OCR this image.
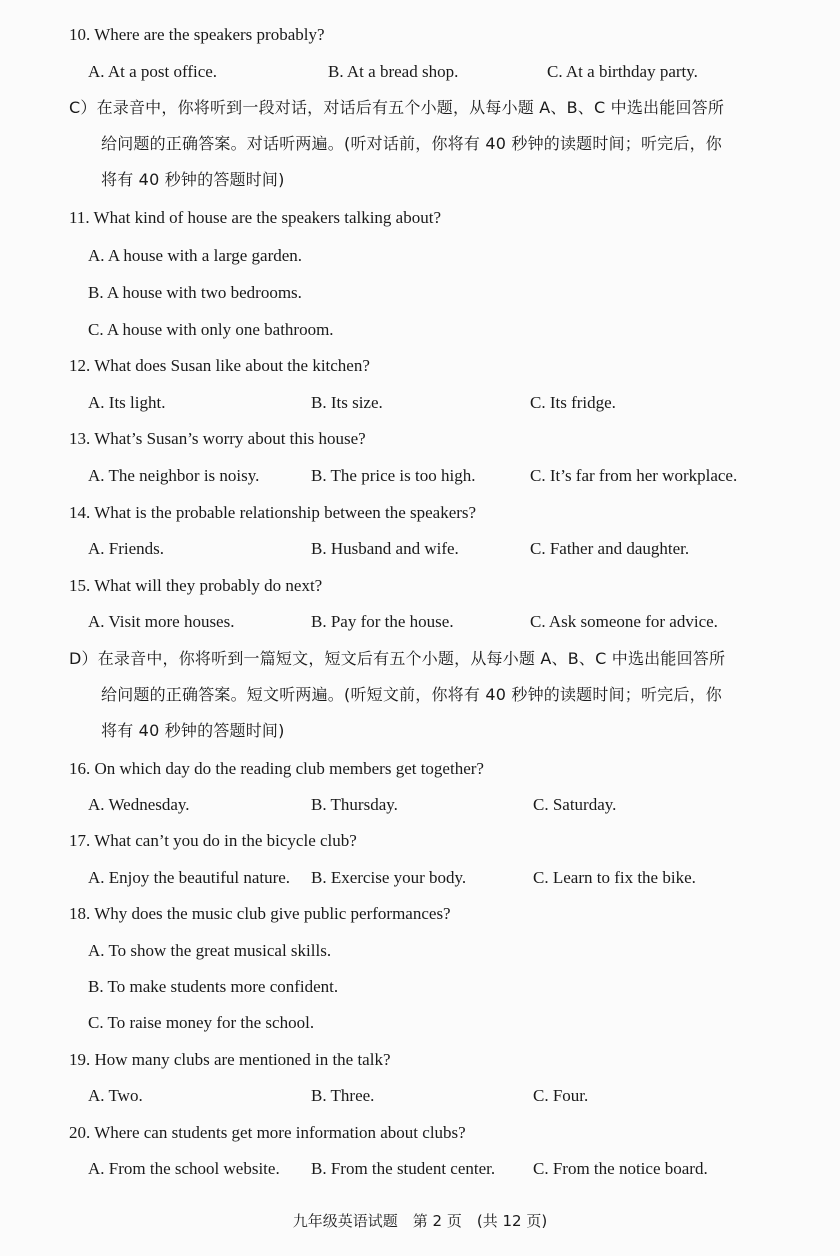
10. Where are the speakers probably?
A. At a post office.	B. At a bread shop.	C. At a birthday party.
C）在录音中，你将听到一段对话，对话后有五个小题，从每小题 A、B、C 中选出能回答所
给问题的正确答案。对话听两遍。(听对话前，你将有 40 秒钟的读题时间；听完后，你
将有 40 秒钟的答题时间)
11. What kind of house are the speakers talking about?
A. A house with a large garden.
B. A house with two bedrooms.
C. A house with only one bathroom.
12. What does Susan like about the kitchen?
A. Its light.	B. Its size.	C. Its fridge.
13. What’s Susan’s worry about this house?
A. The neighbor is noisy.	B. The price is too high.	C. It’s far from her workplace.
14. What is the probable relationship between the speakers?
A. Friends.	B. Husband and wife.	C. Father and daughter.
15. What will they probably do next?
A. Visit more houses.	B. Pay for the house.	C. Ask someone for advice.
D）在录音中，你将听到一篇短文，短文后有五个小题，从每小题 A、B、C 中选出能回答所
给问题的正确答案。短文听两遍。(听短文前，你将有 40 秒钟的读题时间；听完后，你
将有 40 秒钟的答题时间)
16. On which day do the reading club members get together?
A. Wednesday.	B. Thursday.	C. Saturday.
17. What can’t you do in the bicycle club?
A. Enjoy the beautiful nature. B. Exercise your body.	C. Learn to fix the bike.
18. Why does the music club give public performances?
A. To show the great musical skills.
B. To make students more confident.
C. To raise money for the school.
19. How many clubs are mentioned in the talk?
A. Two.	B. Three.	C. Four.
20. Where can students get more information about clubs?
A. From the school website. B. From the student center. C. From the notice board.
九年级英语试题　第 2 页　(共 12 页)
